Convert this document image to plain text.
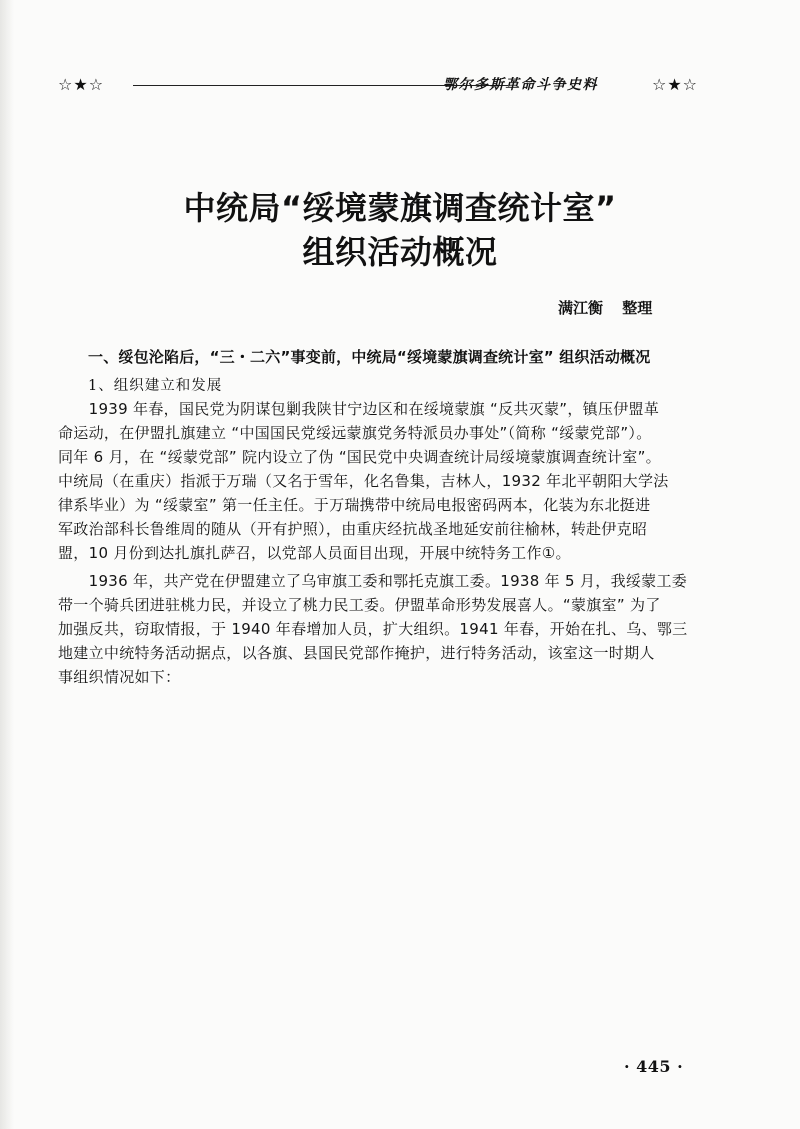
☆★☆	鄂尔多斯革命斗争史料	☆★☆
中统局“绥境蒙旗调查统计室”
组织活动概况
满江衡 整理
一、绥包沦陷后，“三・二六”事变前，中统局“绥境蒙旗调查统计室” 组织活动概况
1、组织建立和发展
　　1939 年春，国民党为阴谋包剿我陕甘宁边区和在绥境蒙旗 “反共灭蒙”，镇压伊盟革
命运动，在伊盟扎旗建立 “中国国民党绥远蒙旗党务特派员办事处”（简称 “绥蒙党部”）。
同年 6 月，在 “绥蒙党部” 院内设立了伪 “国民党中央调查统计局绥境蒙旗调查统计室”。
中统局（在重庆）指派于万瑞（又名于雪年，化名鲁集，吉林人，1932 年北平朝阳大学法
律系毕业）为 “绥蒙室” 第一任主任。于万瑞携带中统局电报密码两本，化装为东北挺进
军政治部科长鲁维周的随从（开有护照），由重庆经抗战圣地延安前往榆林，转赴伊克昭
盟，10 月份到达扎旗扎萨召，以党部人员面目出现，开展中统特务工作①。
　　1936 年，共产党在伊盟建立了乌审旗工委和鄂托克旗工委。1938 年 5 月，我绥蒙工委
带一个骑兵团进驻桃力民，并设立了桃力民工委。伊盟革命形势发展喜人。“蒙旗室” 为了
加强反共，窃取情报，于 1940 年春增加人员，扩大组织。1941 年春，开始在扎、乌、鄂三
地建立中统特务活动据点，以各旗、县国民党部作掩护，进行特务活动，该室这一时期人
事组织情况如下：
· 445 ·
